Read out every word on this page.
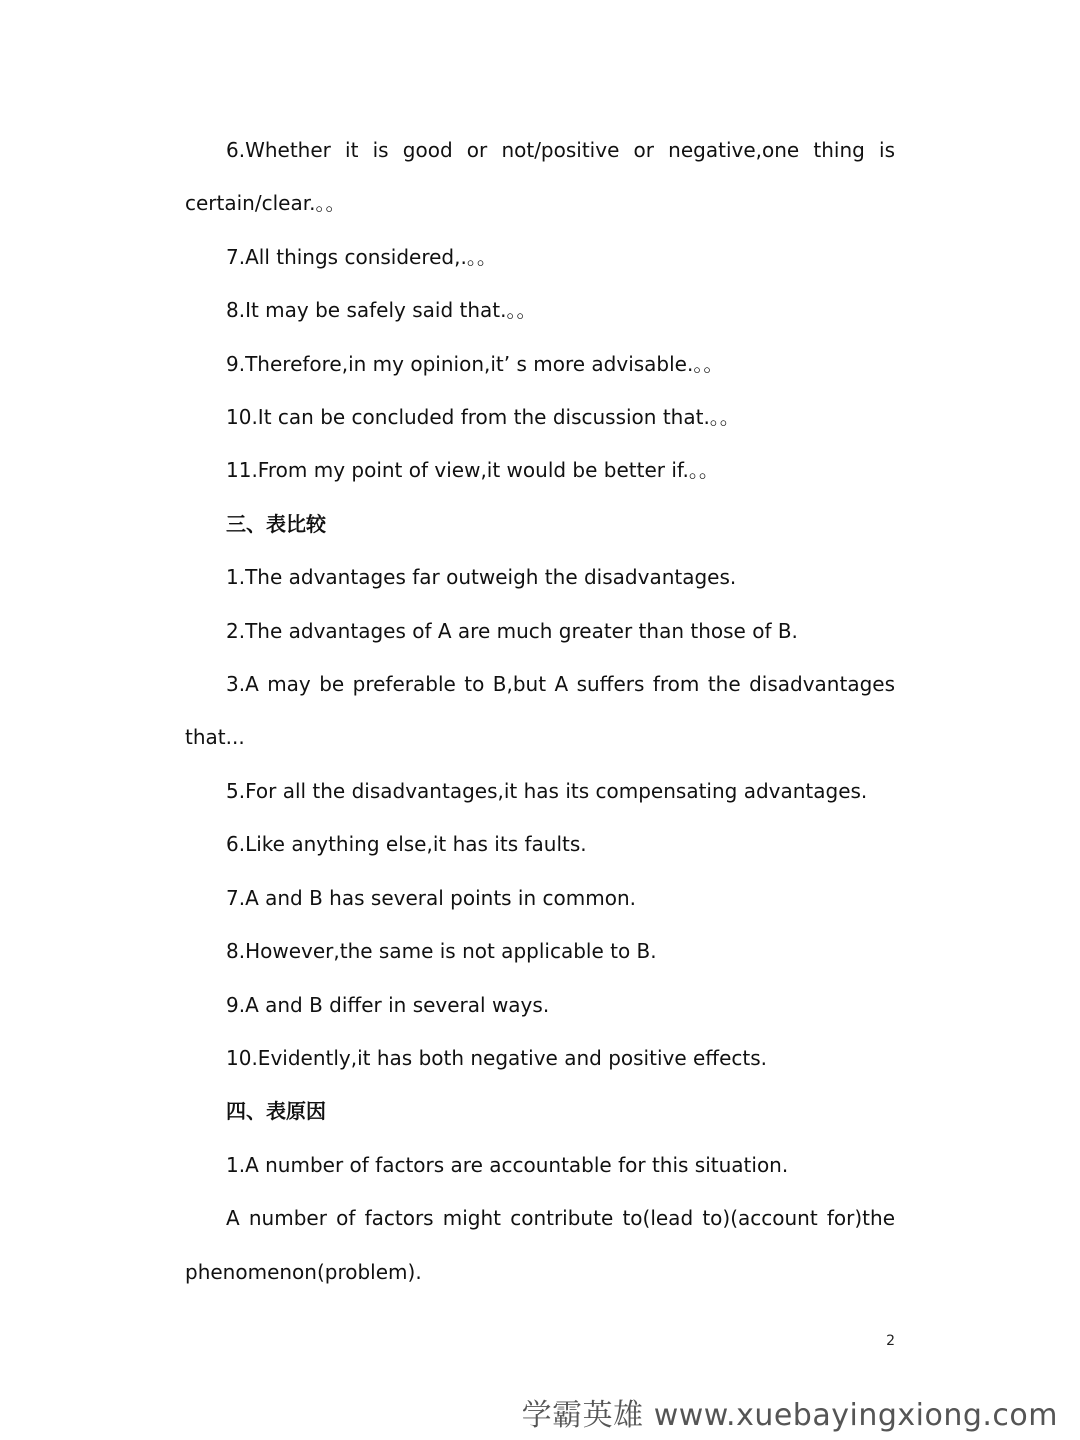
6.Whether it is good or not/positive or negative,one thing is certain/clear.。。

7.All things considered,.。。

8.It may be safely said that.。。

9.Therefore,in my opinion,it’ s more advisable.。。

10.It can be concluded from the discussion that.。。

11.From my point of view,it would be better if.。。

三、表比较

1.The advantages far outweigh the disadvantages.

2.The advantages of A are much greater than those of B.

3.A may be preferable to B,but A suffers from the disadvantages that...

5.For all the disadvantages,it has its compensating advantages.

6.Like anything else,it has its faults.

7.A and B has several points in common.

8.However,the same is not applicable to B.

9.A and B differ in several ways.

10.Evidently,it has both negative and positive effects.

四、表原因

1.A number of factors are accountable for this situation.

A number of factors might contribute to(lead to)(account for)the phenomenon(problem).

2
学霸英雄 www.xuebayingxiong.com
